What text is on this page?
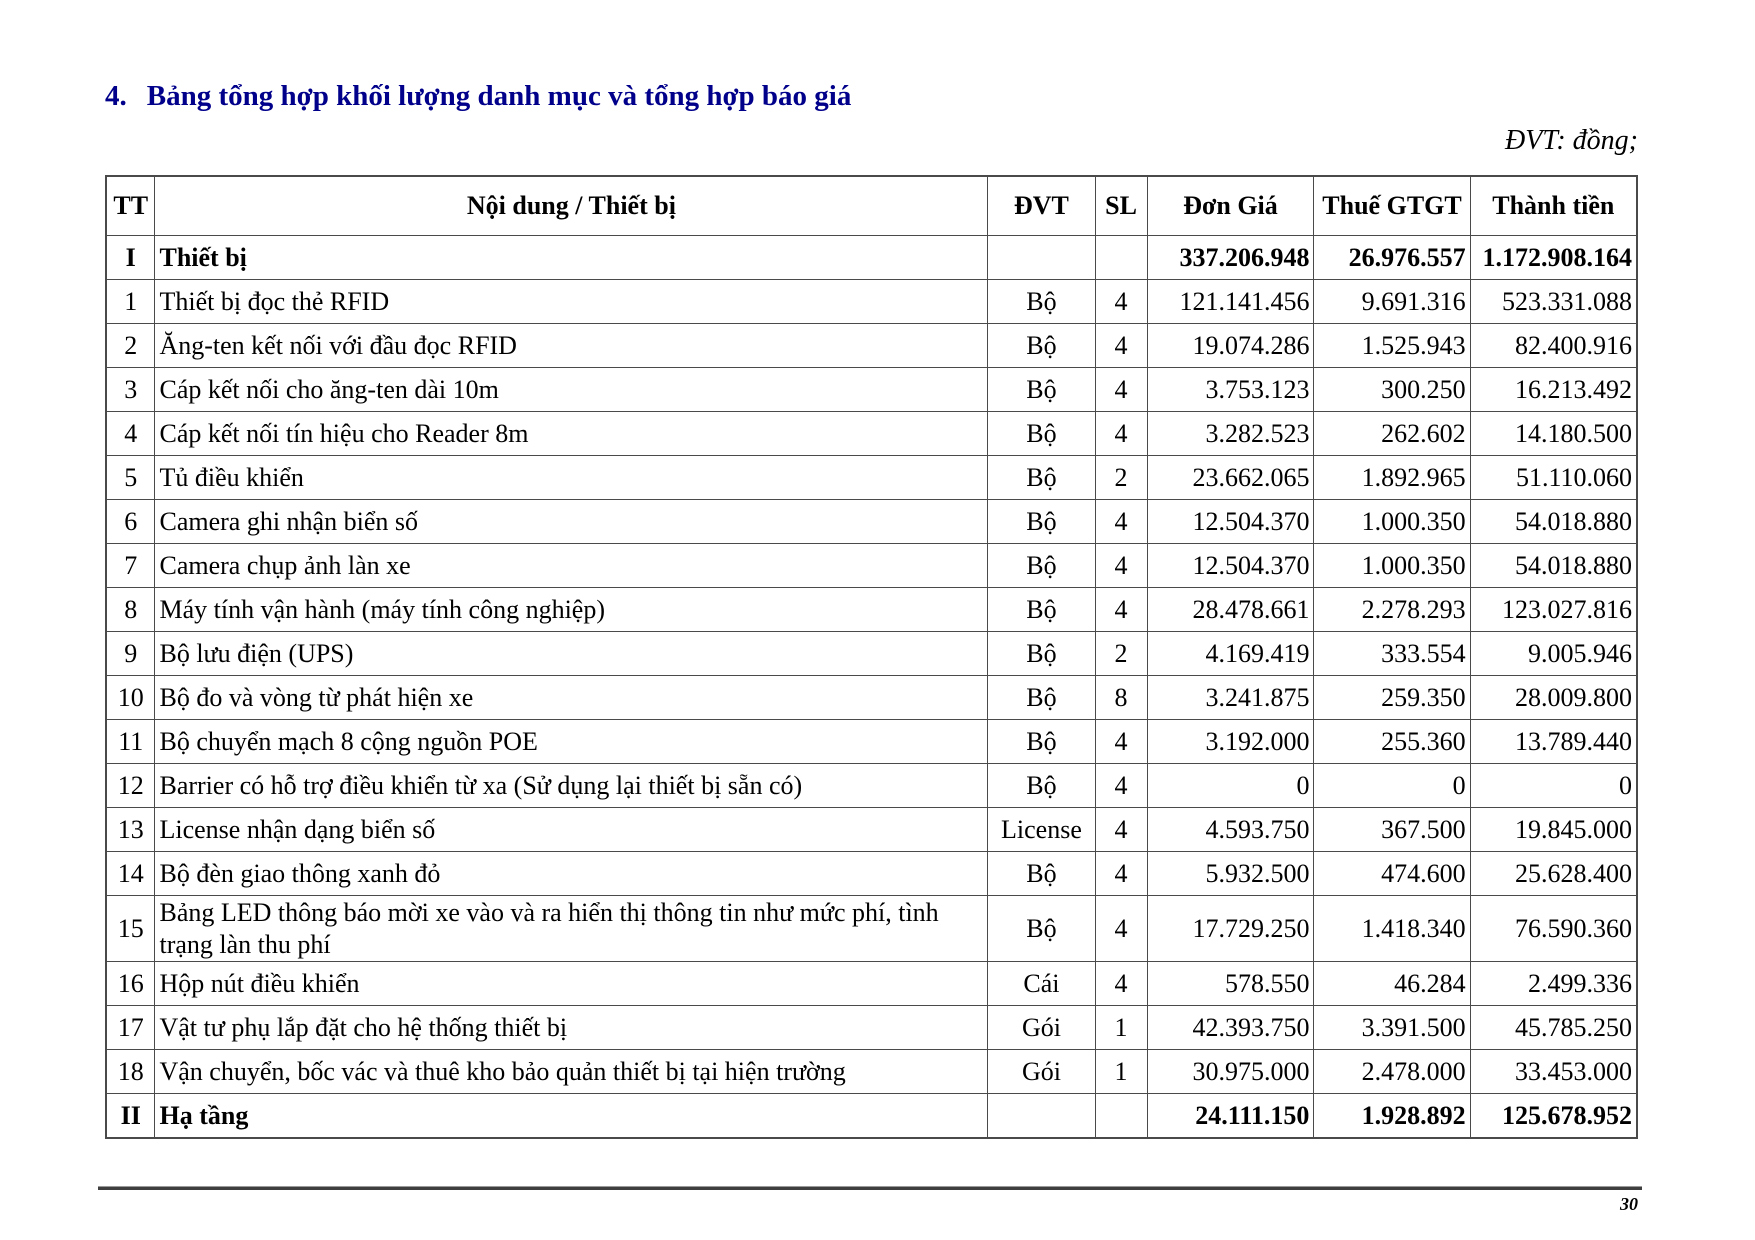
4. Bảng tổng hợp khối lượng danh mục và tổng hợp báo giá
ĐVT: đồng;
TT	Nội dung / Thiết bị	ĐVT	SL	Đơn Giá	Thuế GTGT	Thành tiền
I	Thiết bị			337.206.948	26.976.557	1.172.908.164
1	Thiết bị đọc thẻ RFID	Bộ	4	121.141.456	9.691.316	523.331.088
2	Ăng-ten kết nối với đầu đọc RFID	Bộ	4	19.074.286	1.525.943	82.400.916
3	Cáp kết nối cho ăng-ten dài 10m	Bộ	4	3.753.123	300.250	16.213.492
4	Cáp kết nối tín hiệu cho Reader 8m	Bộ	4	3.282.523	262.602	14.180.500
5	Tủ điều khiển	Bộ	2	23.662.065	1.892.965	51.110.060
6	Camera ghi nhận biển số	Bộ	4	12.504.370	1.000.350	54.018.880
7	Camera chụp ảnh làn xe	Bộ	4	12.504.370	1.000.350	54.018.880
8	Máy tính vận hành (máy tính công nghiệp)	Bộ	4	28.478.661	2.278.293	123.027.816
9	Bộ lưu điện (UPS)	Bộ	2	4.169.419	333.554	9.005.946
10	Bộ đo và vòng từ phát hiện xe	Bộ	8	3.241.875	259.350	28.009.800
11	Bộ chuyển mạch 8 cộng nguồn POE	Bộ	4	3.192.000	255.360	13.789.440
12	Barrier có hỗ trợ điều khiển từ xa (Sử dụng lại thiết bị sẵn có)	Bộ	4	0	0	0
13	License nhận dạng biển số	License	4	4.593.750	367.500	19.845.000
14	Bộ đèn giao thông xanh đỏ	Bộ	4	5.932.500	474.600	25.628.400
15	Bảng LED thông báo mời xe vào và ra hiển thị thông tin như mức phí, tình trạng làn thu phí	Bộ	4	17.729.250	1.418.340	76.590.360
16	Hộp nút điều khiển	Cái	4	578.550	46.284	2.499.336
17	Vật tư phụ lắp đặt cho hệ thống thiết bị	Gói	1	42.393.750	3.391.500	45.785.250
18	Vận chuyển, bốc vác và thuê kho bảo quản thiết bị tại hiện trường	Gói	1	30.975.000	2.478.000	33.453.000
II	Hạ tầng			24.111.150	1.928.892	125.678.952
30
